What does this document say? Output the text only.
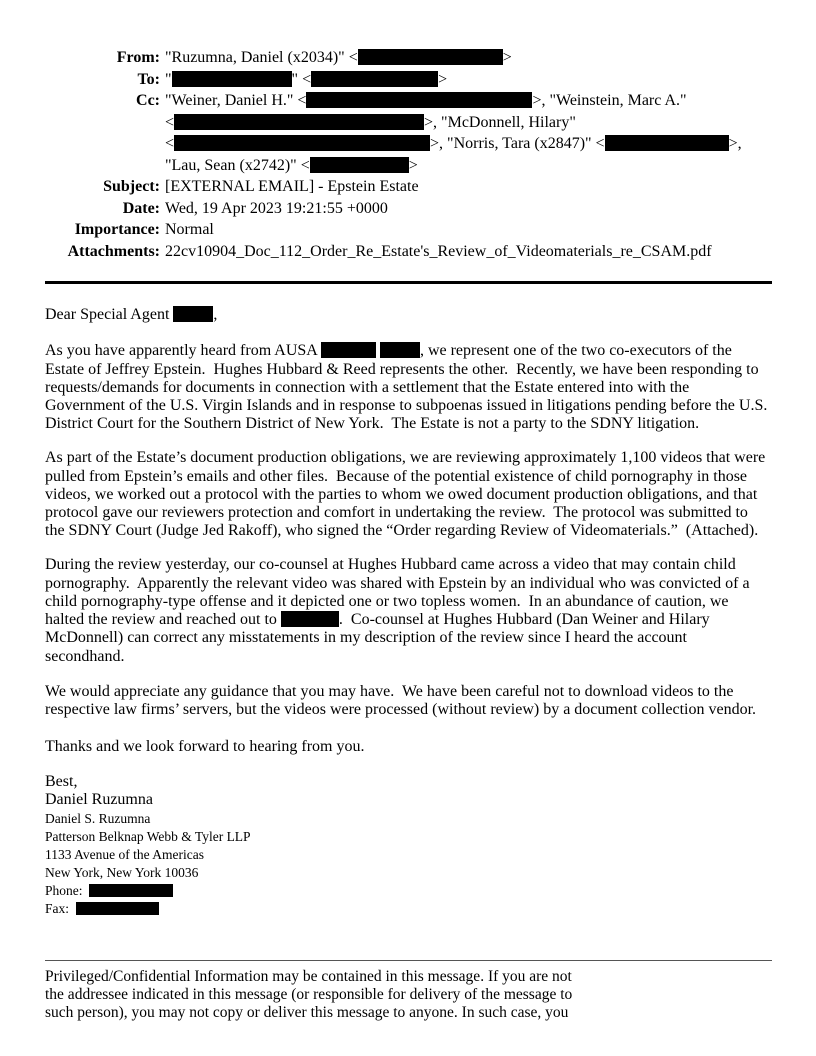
From: "Ruzumna, Daniel (x2034)" <	>
To: "	" <	>
Cc: "Weiner, Daniel H." <	>, "Weinstein, Marc A."
<	>, "McDonnell, Hilary"
<	>, "Norris, Tara (x2847)" <	>,
"Lau, Sean (x2742)" <	>
Subject: [EXTERNAL EMAIL] - Epstein Estate
Date: Wed, 19 Apr 2023 19:21:55 +0000
Importance: Normal
Attachments: 22cv10904_Doc_112_Order_Re_Estate's_Review_of_Videomaterials_re_CSAM.pdf

Dear Special Agent	,

As you have apparently heard from AUSA	, we represent one of the two co-executors of the
Estate of Jeffrey Epstein.  Hughes Hubbard & Reed represents the other.  Recently, we have been responding to
requests/demands for documents in connection with a settlement that the Estate entered into with the
Government of the U.S. Virgin Islands and in response to subpoenas issued in litigations pending before the U.S.
District Court for the Southern District of New York.  The Estate is not a party to the SDNY litigation.

As part of the Estate’s document production obligations, we are reviewing approximately 1,100 videos that were
pulled from Epstein’s emails and other files.  Because of the potential existence of child pornography in those
videos, we worked out a protocol with the parties to whom we owed document production obligations, and that
protocol gave our reviewers protection and comfort in undertaking the review.  The protocol was submitted to
the SDNY Court (Judge Jed Rakoff), who signed the “Order regarding Review of Videomaterials.”  (Attached).

During the review yesterday, our co-counsel at Hughes Hubbard came across a video that may contain child
pornography.  Apparently the relevant video was shared with Epstein by an individual who was convicted of a
child pornography-type offense and it depicted one or two topless women.  In an abundance of caution, we
halted the review and reached out to	.  Co-counsel at Hughes Hubbard (Dan Weiner and Hilary
McDonnell) can correct any misstatements in my description of the review since I heard the account
secondhand.

We would appreciate any guidance that you may have.  We have been careful not to download videos to the
respective law firms’ servers, but the videos were processed (without review) by a document collection vendor.

Thanks and we look forward to hearing from you.

Best,
Daniel Ruzumna
Daniel S. Ruzumna
Patterson Belknap Webb & Tyler LLP
1133 Avenue of the Americas
New York, New York 10036
Phone:
Fax:

Privileged/Confidential Information may be contained in this message. If you are not
the addressee indicated in this message (or responsible for delivery of the message to
such person), you may not copy or deliver this message to anyone. In such case, you
